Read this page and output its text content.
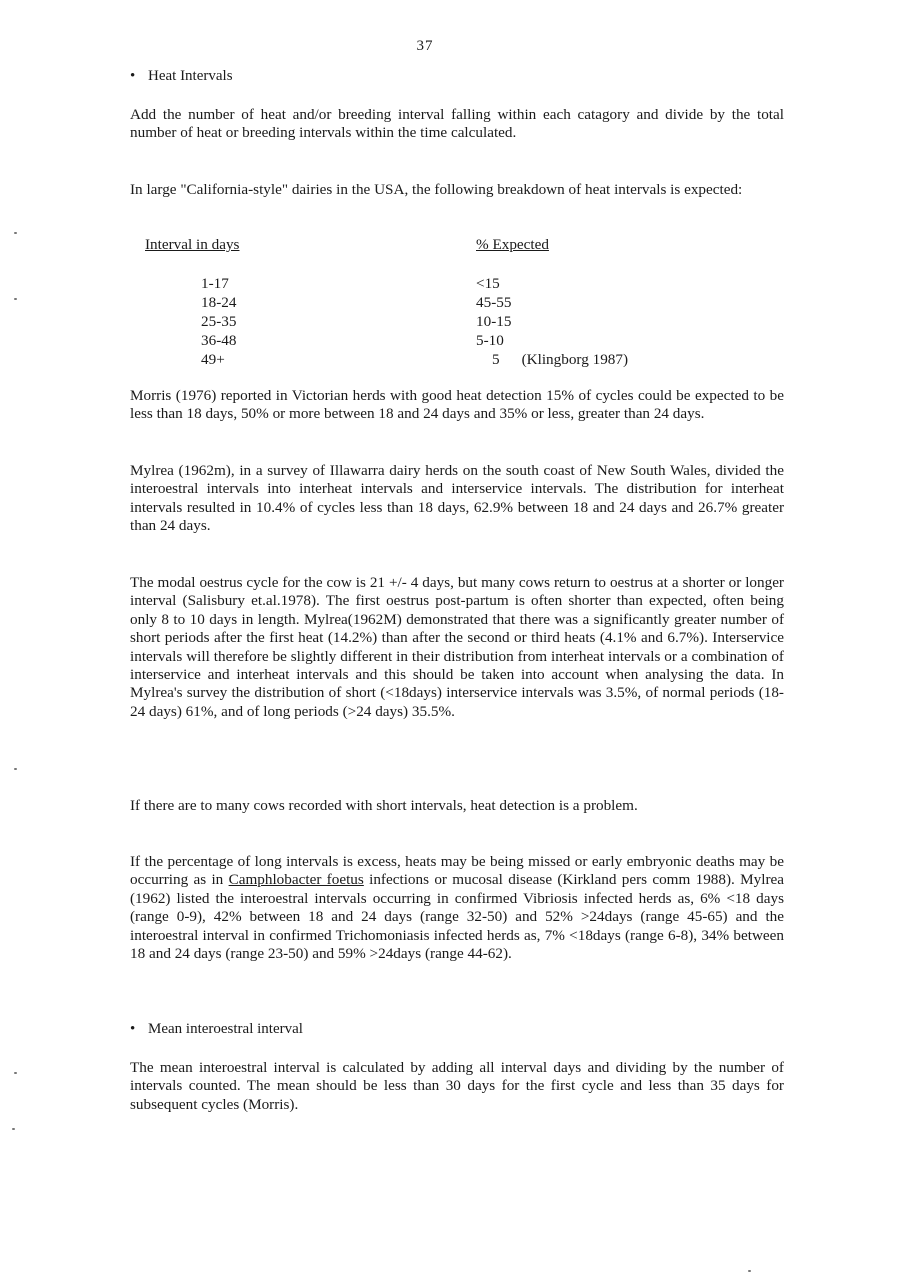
37
• Heat Intervals
Add the number of heat and/or breeding interval falling within each catagory and divide by the total number of heat or breeding intervals within the time calculated.
In large "California-style" dairies in the USA, the following breakdown of heat intervals is expected:
Interval in days	% Expected
1-17
18-24
25-35
36-48
49+
<15
45-55
10-15
5-10
5 (Klingborg 1987)
Morris (1976) reported in Victorian herds with good heat detection 15% of cycles could be expected to be less than 18 days, 50% or more between 18 and 24 days and 35% or less, greater than 24 days.
Mylrea (1962m), in a survey of Illawarra dairy herds on the south coast of New South Wales, divided the interoestral intervals into interheat intervals and interservice intervals. The distribution for interheat intervals resulted in 10.4% of cycles less than 18 days, 62.9% between 18 and 24 days and 26.7% greater than 24 days.
The modal oestrus cycle for the cow is 21 +/- 4 days, but many cows return to oestrus at a shorter or longer interval (Salisbury et.al.1978). The first oestrus post-partum is often shorter than expected, often being only 8 to 10 days in length. Mylrea(1962M) demonstrated that there was a significantly greater number of short periods after the first heat (14.2%) than after the second or third heats (4.1% and 6.7%). Interservice intervals will therefore be slightly different in their distribution from interheat intervals or a combination of interservice and interheat intervals and this should be taken into account when analysing the data. In Mylrea's survey the distribution of short (<18days) interservice intervals was 3.5%, of normal periods (18-24 days) 61%, and of long periods (>24 days) 35.5%.
If there are to many cows recorded with short intervals, heat detection is a problem.
If the percentage of long intervals is excess, heats may be being missed or early embryonic deaths may be occurring as in Camphlobacter foetus infections or mucosal disease (Kirkland pers comm 1988). Mylrea (1962) listed the interoestral intervals occurring in confirmed Vibriosis infected herds as, 6% <18 days (range 0-9), 42% between 18 and 24 days (range 32-50) and 52% >24days (range 45-65) and the interoestral interval in confirmed Trichomoniasis infected herds as, 7% <18days (range 6-8), 34% between 18 and 24 days (range 23-50) and 59% >24days (range 44-62).
• Mean interoestral interval
The mean interoestral interval is calculated by adding all interval days and dividing by the number of intervals counted. The mean should be less than 30 days for the first cycle and less than 35 days for subsequent cycles (Morris).
